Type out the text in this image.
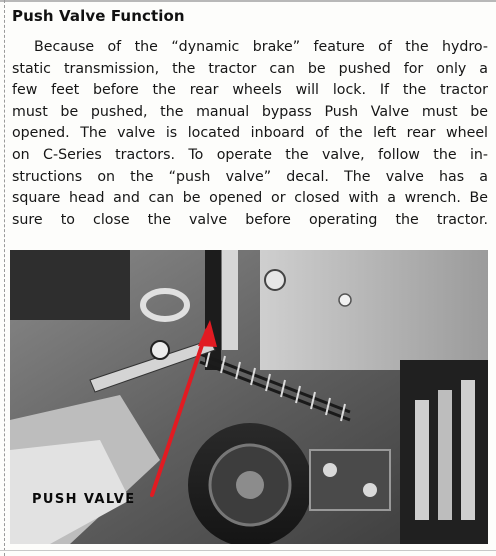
Push Valve Function
Because of the “dynamic brake” feature of the hydro-
static transmission, the tractor can be pushed for only a
few feet before the rear wheels will lock. If the tractor
must be pushed, the manual bypass Push Valve must be
opened. The valve is located inboard of the left rear wheel
on C-Series tractors. To operate the valve, follow the in-
structions on the “push valve” decal. The valve has a
square head and can be opened or closed with a wrench. Be
sure to close the valve before operating the tractor.
PUSH VALVE
